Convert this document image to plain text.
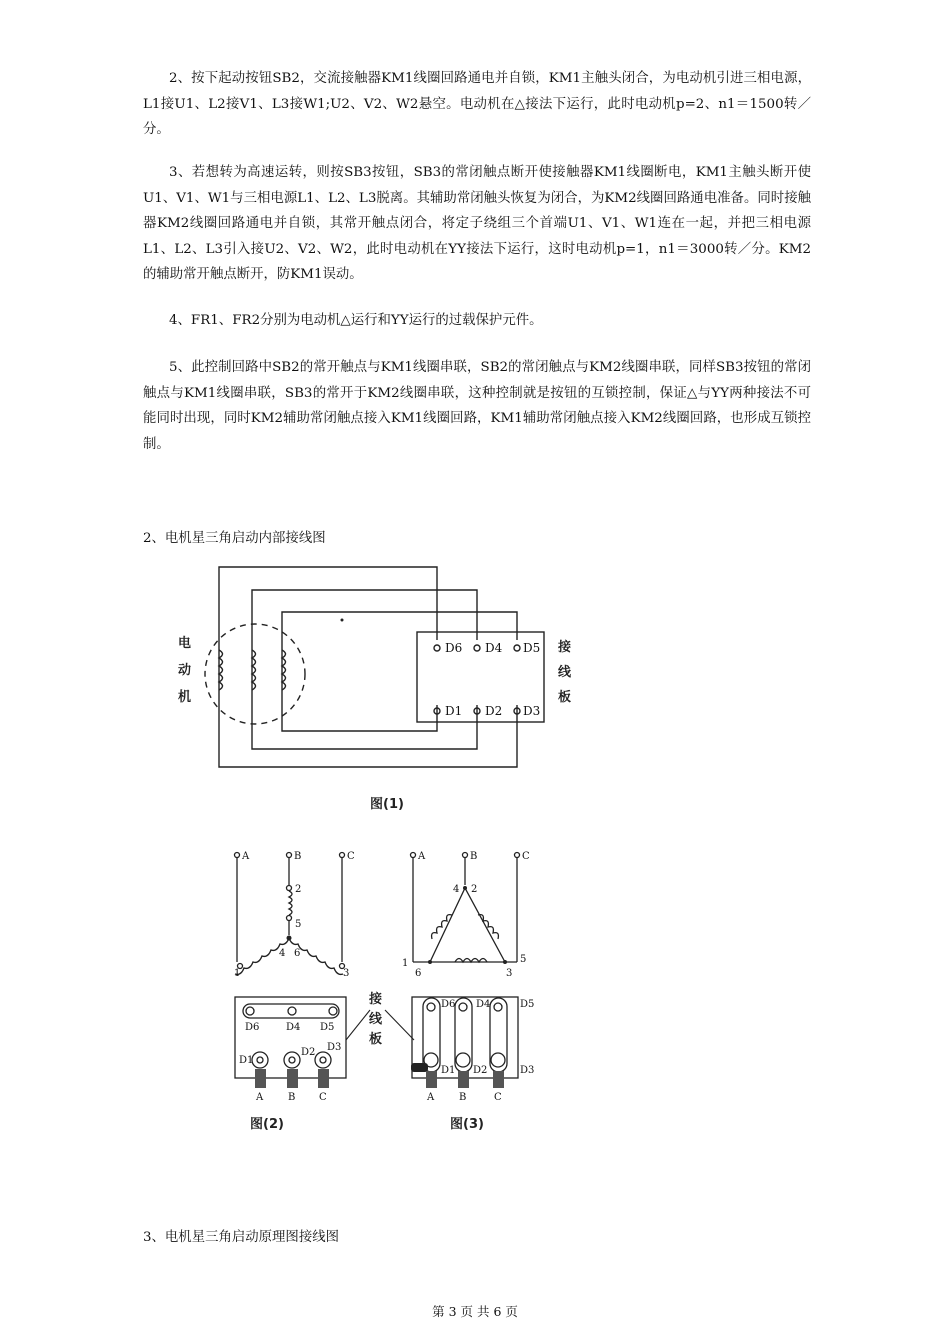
2、按下起动按钮SB2，交流接触器KM1线圈回路通电并自锁，KM1主触头闭合，为电动机引进三相电源，L1接U1、L2接V1、L3接W1;U2、V2、W2悬空。电动机在△接法下运行，此时电动机p=2、n1＝1500转／分。

3、若想转为高速运转，则按SB3按钮，SB3的常闭触点断开使接触器KM1线圈断电，KM1主触头断开使U1、V1、W1与三相电源L1、L2、L3脱离。其辅助常闭触头恢复为闭合，为KM2线圈回路通电准备。同时接触器KM2线圈回路通电并自锁，其常开触点闭合，将定子绕组三个首端U1、V1、W1连在一起，并把三相电源L1、L2、L3引入接U2、V2、W2，此时电动机在YY接法下运行，这时电动机p=1，n1＝3000转／分。KM2的辅助常开触点断开，防KM1误动。

4、FR1、FR2分别为电动机△运行和YY运行的过载保护元件。

5、此控制回路中SB2的常开触点与KM1线圈串联，SB2的常闭触点与KM2线圈串联，同样SB3按钮的常闭触点与KM1线圈串联，SB3的常开于KM2线圈串联，这种控制就是按钮的互锁控制，保证△与YY两种接法不可能同时出现，同时KM2辅助常闭触点接入KM1线圈回路，KM1辅助常闭触点接入KM2线圈回路，也形成互锁控制。

2、电机星三角启动内部接线图
3、电机星三角启动原理图接线图
第 3 页 共 6 页
D6 D4 D5
D1 D2 D3
电
动
机
接
线
板
图(1)
A	B	C
2
5
4 6
1	3
D6	D4 D5
D1
D2 D3
A B C
图(2)
接
线
板
A	B	C
4 2
1
6	3
5
D6 D4	D5
D1 D2	D3
A B	C
图(3)
